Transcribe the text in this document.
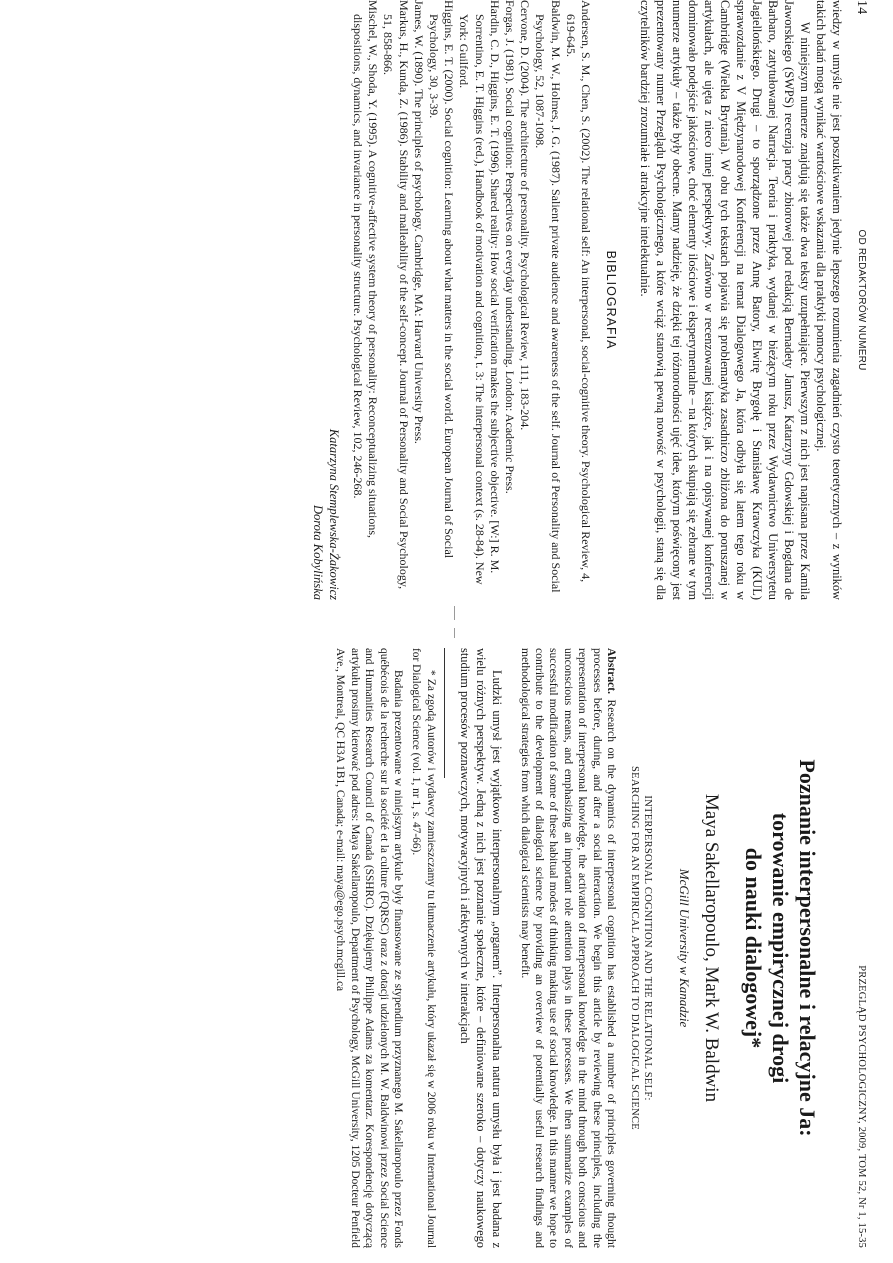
14
OD REDAKTORÓW NUMERU

wiedzy w umyśle nie jest poszukiwaniem jedynie lepszego rozumienia zagadnień czysto teoretycznych – z wyników takich badań mogą wynikać wartościowe wskazania dla praktyki pomocy psychologicznej.

W niniejszym numerze znajdują się także dwa teksty uzupełniające. Pierwszym z nich jest napisana przez Kamila Jaworskiego (SWPS) recenzja pracy zbiorowej pod redakcją Bernadety Janusz, Katarzyny Gdowskiej i Bogdana de Barbaro, zatytułowanej Narracja. Teoria i praktyka, wydanej w bieżącym roku przez Wydawnictwo Uniwersytetu Jagiellońskiego. Drugi – to sporządzone przez Annę Batory, Elwirę Brygołę i Stanisławę Krawczyka (KUL) sprawozdanie z V Międzynarodowej Konferencji na temat Dialogowego Ja, która odbyła się latem tego roku w Cambridge (Wielka Brytania). W obu tych tekstach pojawia się problematyka zasadniczo zbliżona do poruszanej w artykułach, ale ujęta z nieco innej perspektywy. Zarówno w recenzowanej książce, jak i na opisywanej konferencji dominowało podejście jakościowe, choć elementy ilościowe i eksperymentalne – na których skupiają się zebrane w tym numerze artykuły – także były obecne. Mamy nadzieję, że dzięki tej różnorodności ujęć idee, którym poświęcony jest prezentowany numer Przeglądu Psychologicznego, a które wciąż stanowią pewną nowość w psychologii, staną się dla czytelników bardziej zrozumiałe i atrakcyjne intelektualnie.

BIBLIOGRAFIA

Andersen, S. M., Chen, S. (2002). The relational self: An interpersonal, social-cognitive theory. Psychological Review, 4, 619-645.

Baldwin, M. W., Holmes, J. G. (1987). Salient private audience and awareness of the self. Journal of Personality and Social Psychology, 52, 1087-1098.

Cervone, D. (2004). The architecture of personality. Psychological Review, 111, 183-204.

Forgas, J. (1981). Social cognition: Perspectives on everyday understanding. London: Academic Press.

Hardin, C. D., Higgins, E. T. (1996). Shared reality: How social verification makes the subjective objective. [W:] R. M. Sorrentino, E. T. Higgins (red.), Handbook of motivation and cognition, t. 3: The interpersonal context (s. 28-84). New York: Guilford.

Higgins, E. T. (2000). Social cognition: Learning about what matters in the social world. European Journal of Social Psychology, 30, 3-39.

James, W. (1890). The principles of psychology. Cambridge, MA: Harvard University Press.

Markus, H., Kunda, Z. (1986). Stability and malleability of the self-concept. Journal of Personality and Social Psychology, 51, 858-866.

Mischel, W., Shoda, Y. (1995). A cognitive-affective system theory of personality: Reconceptualizing situations, dispositions, dynamics, and invariance in personality structure. Psychological Review, 102, 246-268.

Katarzyna Stemplewska-Żakowicz
Dorota Kobylińska
PRZEGLĄD PSYCHOLOGICZNY, 2009, TOM 52, Nr 1, 15-35
Poznanie interpersonalne i relacyjne Ja:
torowanie empirycznej drogi
do nauki dialogowej*
Maya Sakellaropoulo, Mark W. Baldwin
McGill University w Kanadzie
INTERPERSONAL COGNITION AND THE RELATIONAL SELF:
SEARCHING FOR AN EMPIRICAL APPROACH TO DIALOGICAL SCIENCE

Abstract. Research on the dynamics of interpersonal cognition has established a number of principles governing thought processes before, during, and after a social interaction. We begin this article by reviewing these principles, including the representation of interpersonal knowledge, the activation of interpersonal knowledge in the mind through both conscious and unconscious means, and emphasizing an important role attention plays in these processes. We then summarize examples of successful modification of some of these habitual modes of thinking making use of social knowledge. In this manner we hope to contribute to the development of dialogical science by providing an overview of potentially useful research findings and methodological strategies from which dialogical scientists may benefit.

Ludzki umysł jest wyjątkowo interpersonalnym „organem”. Interpersonalna natura umysłu była i jest badana z wielu różnych perspektyw. Jedną z nich jest poznanie społeczne, które – definiowane szeroko – dotyczy naukowego studium procesów poznawczych, motywacyjnych i afektywnych w interakcjach

* Za zgodą Autorów i wydawcy zamieszczamy tu tłumaczenie artykułu, który ukazał się w 2006 roku w International Journal for Dialogical Science (vol. 1, nr 1, s. 47-66).

Badania prezentowane w niniejszym artykule były finansowane ze stypendium przyznanego M. Sakellaropoulo przez Fonds québécois de la recherche sur la société et la culture (FQRSC) oraz z dotacji udzielonych M. W. Baldwinowi przez Social Science and Humanities Research Council of Canada (SSHRC). Dziękujemy Philippe Adams za komentarz. Korespondencję dotyczącą artykułu prosimy kierować pod adres: Maya Sakellaropoulo, Department of Psychology, McGill University, 1205 Docteur Penfield Ave., Montreal, QC H3A 1B1, Canada; e-mail: maya@ego.psych.mcgill.ca
